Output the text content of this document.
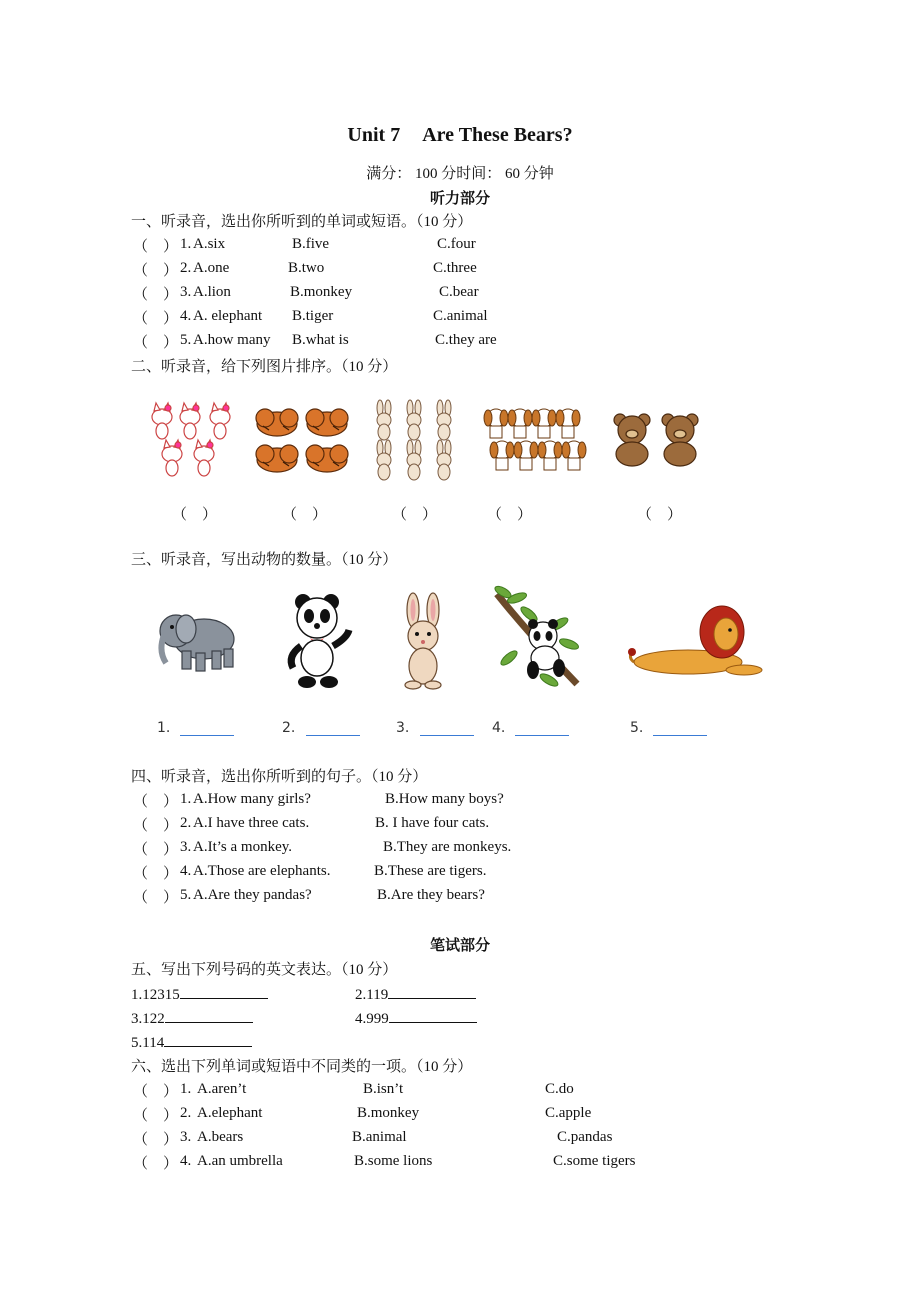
Unit 7 Are These Bears?
满分： 100 分时间： 60 分钟
听力部分
一、听录音，选出你所听到的单词或短语。（10 分）
（    ） 1. A.six	B.five	C.four
（    ） 2. A.one	B.two	C.three
（    ） 3. A.lion	B.monkey	C.bear
（    ） 4. A. elephant B.tiger	C.animal
（    ） 5. A.how many B.what is	C.they are
二、听录音，给下列图片排序。（10 分）
（    ）	（    ）	（    ）	（    ）	（    ）
三、听录音，写出动物的数量。（10 分）
1.	2.	3.	4.	5.
四、听录音，选出你所听到的句子。（10 分）
（    ） 1. A.How many girls?	B.How many boys?
（    ） 2. A.I have three cats.	B. I have four cats.
（    ） 3. A.It’s a monkey.	B.They are monkeys.
（    ） 4. A.Those are elephants.	B.These are tigers.
（    ） 5. A.Are they pandas?	B.Are they bears?
笔试部分
五、写出下列号码的英文表达。（10 分）
1.12315	2.119
3.122	4.999
5.114
六、选出下列单词或短语中不同类的一项。（10 分）
（    ） 1. A.aren’t	B.isn’t	C.do
（    ） 2. A.elephant	B.monkey	C.apple
（    ） 3. A.bears	B.animal	C.pandas
（    ） 4. A.an umbrella	B.some lions	C.some tigers
